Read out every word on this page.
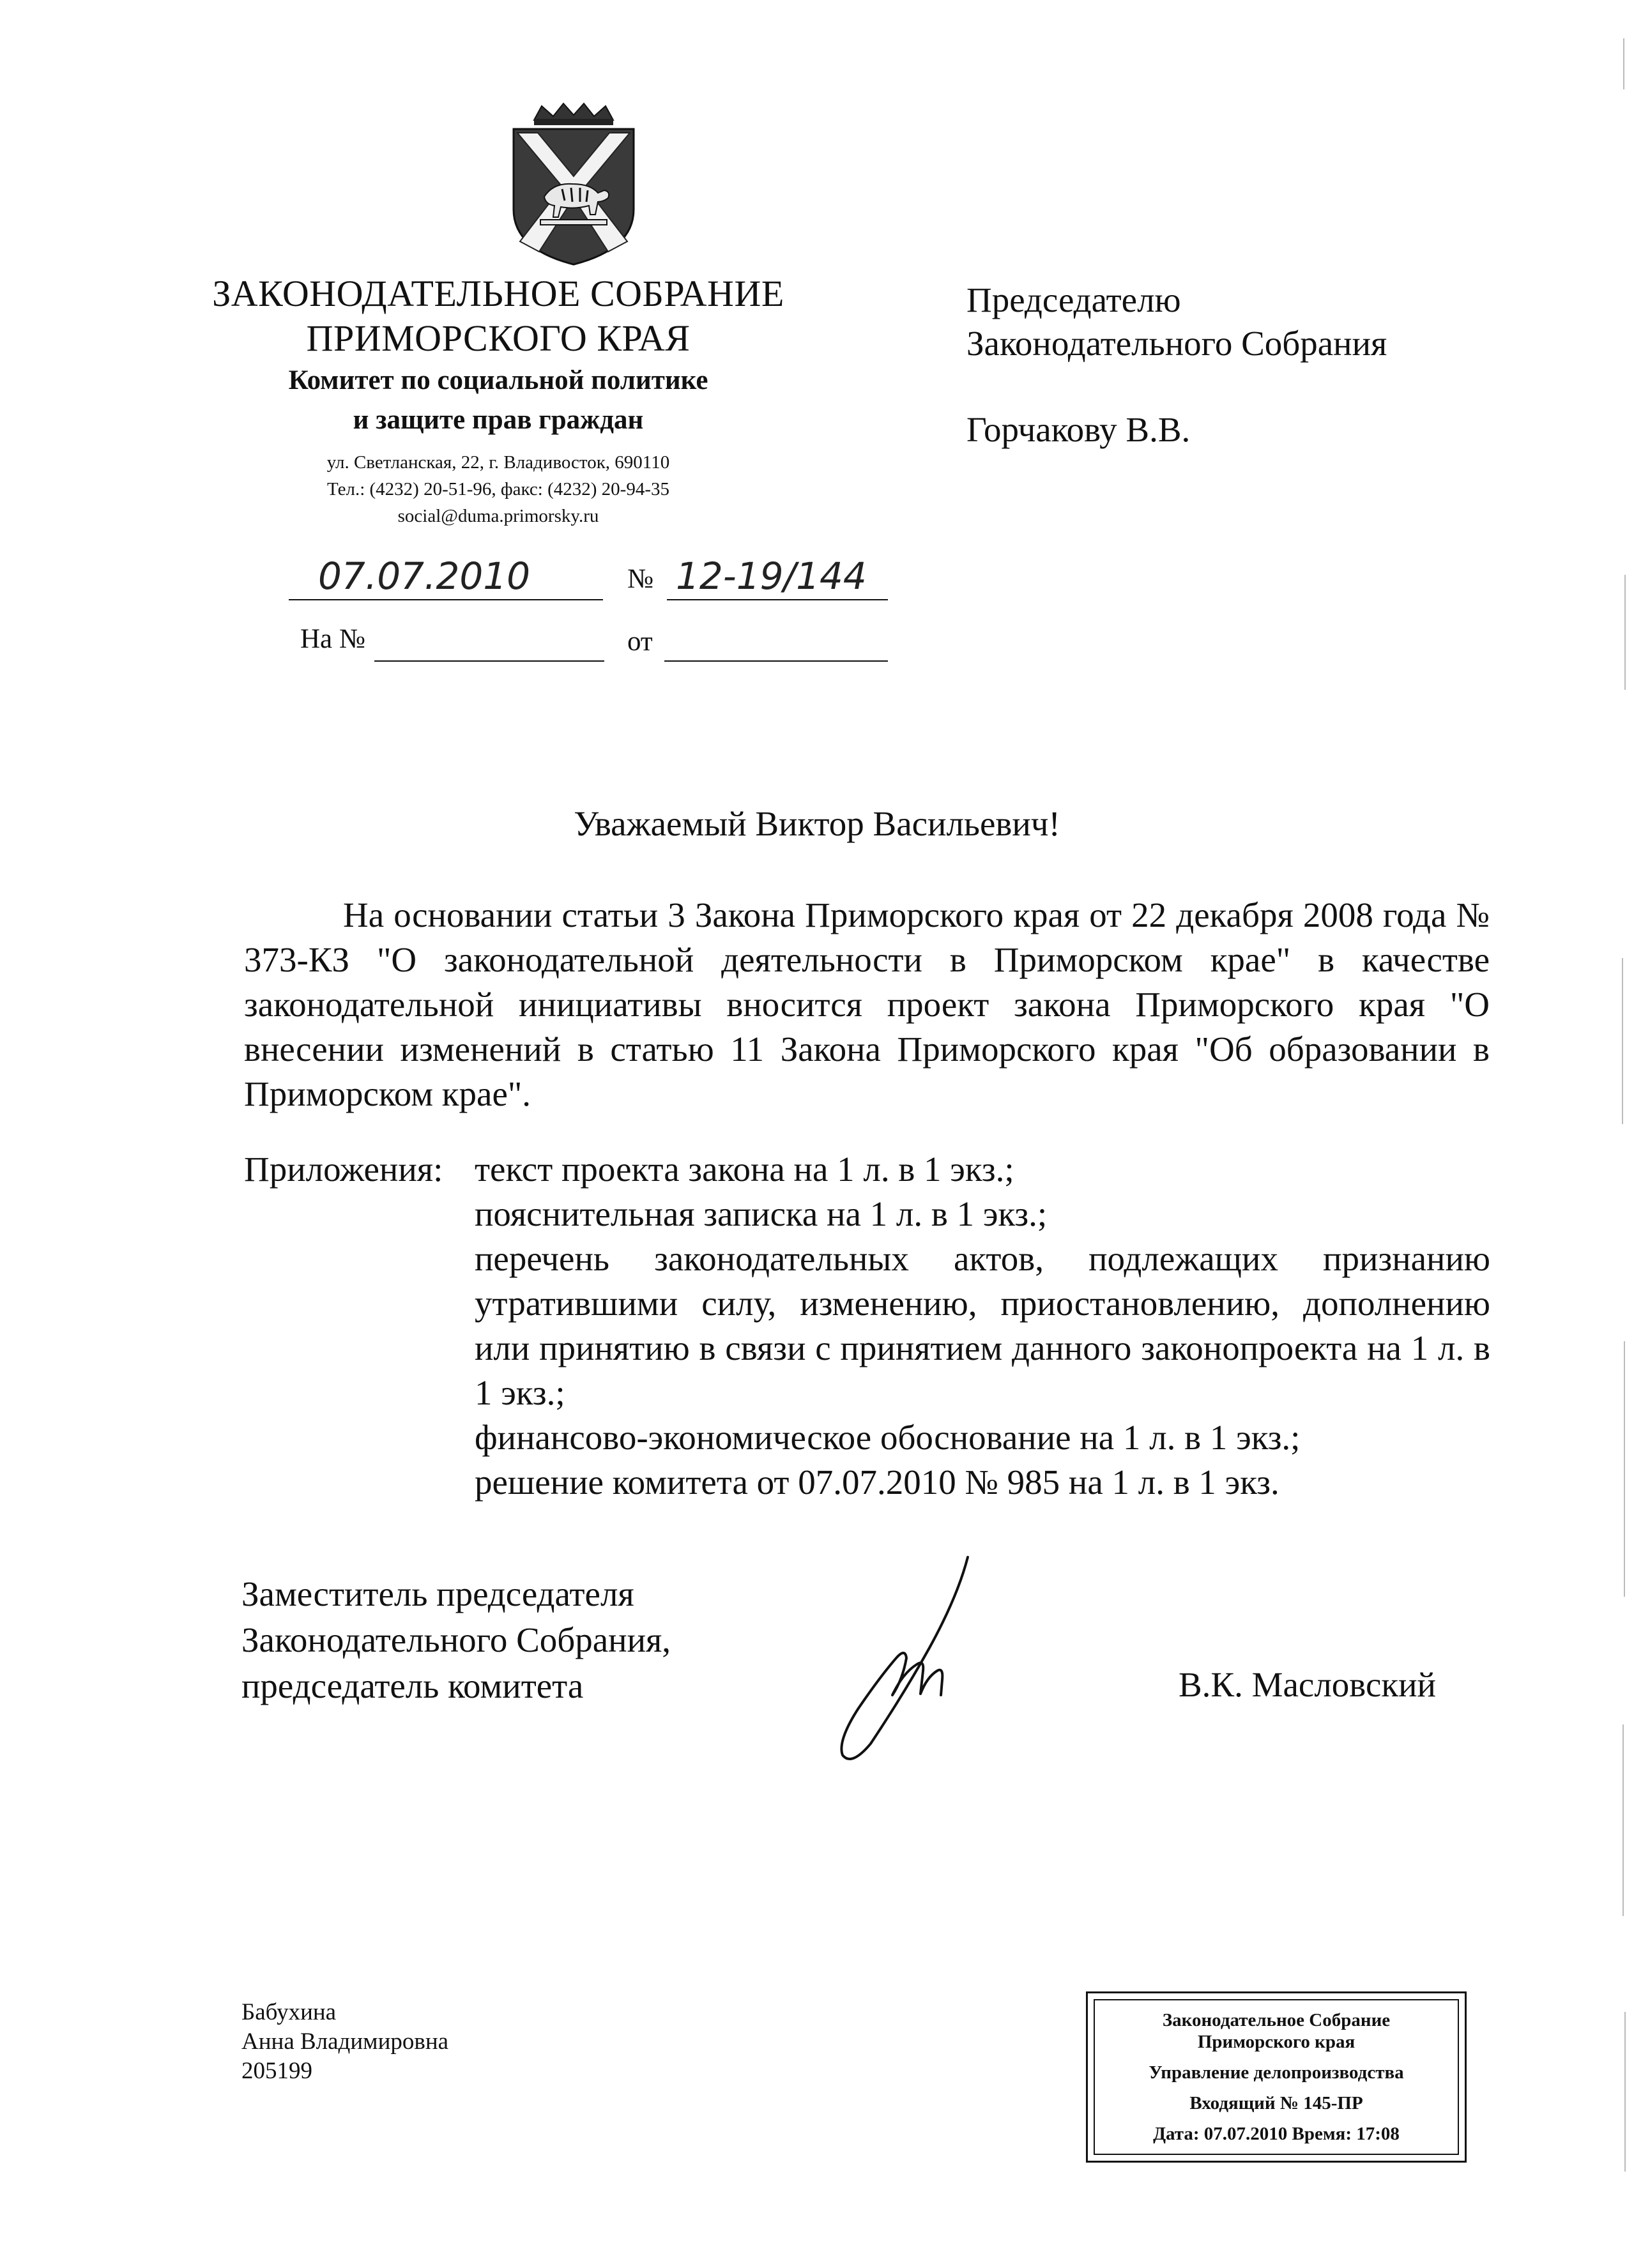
ЗАКОНОДАТЕЛЬНОЕ СОБРАНИЕ
ПРИМОРСКОГО КРАЯ
Комитет по социальной политике
и защите прав граждан
ул. Светланская, 22, г. Владивосток, 690110
Тел.: (4232) 20-51-96, факс: (4232) 20-94-35
social@duma.primorsky.ru
Председателю
Законодательного Собрания
Горчакову В.В.
07.07.2010	№ 12-19/144
На №	от
Уважаемый Виктор Васильевич!

На основании статьи 3 Закона Приморского края от 22 декабря 2008 года № 373-КЗ "О законодательной деятельности в Приморском крае" в качестве законодательной инициативы вносится проект закона Приморского края "О внесении изменений в статью 11 Закона Приморского края "Об образовании в Приморском крае".

Приложения: текст проекта закона на 1 л. в 1 экз.;
пояснительная записка на 1 л. в 1 экз.;
перечень законодательных актов, подлежащих признанию утратившими силу, изменению, приостановлению, дополнению или принятию в связи с принятием данного законопроекта на 1 л. в 1 экз.;
финансово-экономическое обоснование на 1 л. в 1 экз.;
решение комитета от 07.07.2010 № 985 на 1 л. в 1 экз.
Заместитель председателя
Законодательного Собрания,
председатель комитета	В.К. Масловский
Бабухина
Анна Владимировна
205199
Законодательное Собрание
Приморского края
Управление делопроизводства
Входящий № 145-ПР
Дата: 07.07.2010 Время: 17:08
